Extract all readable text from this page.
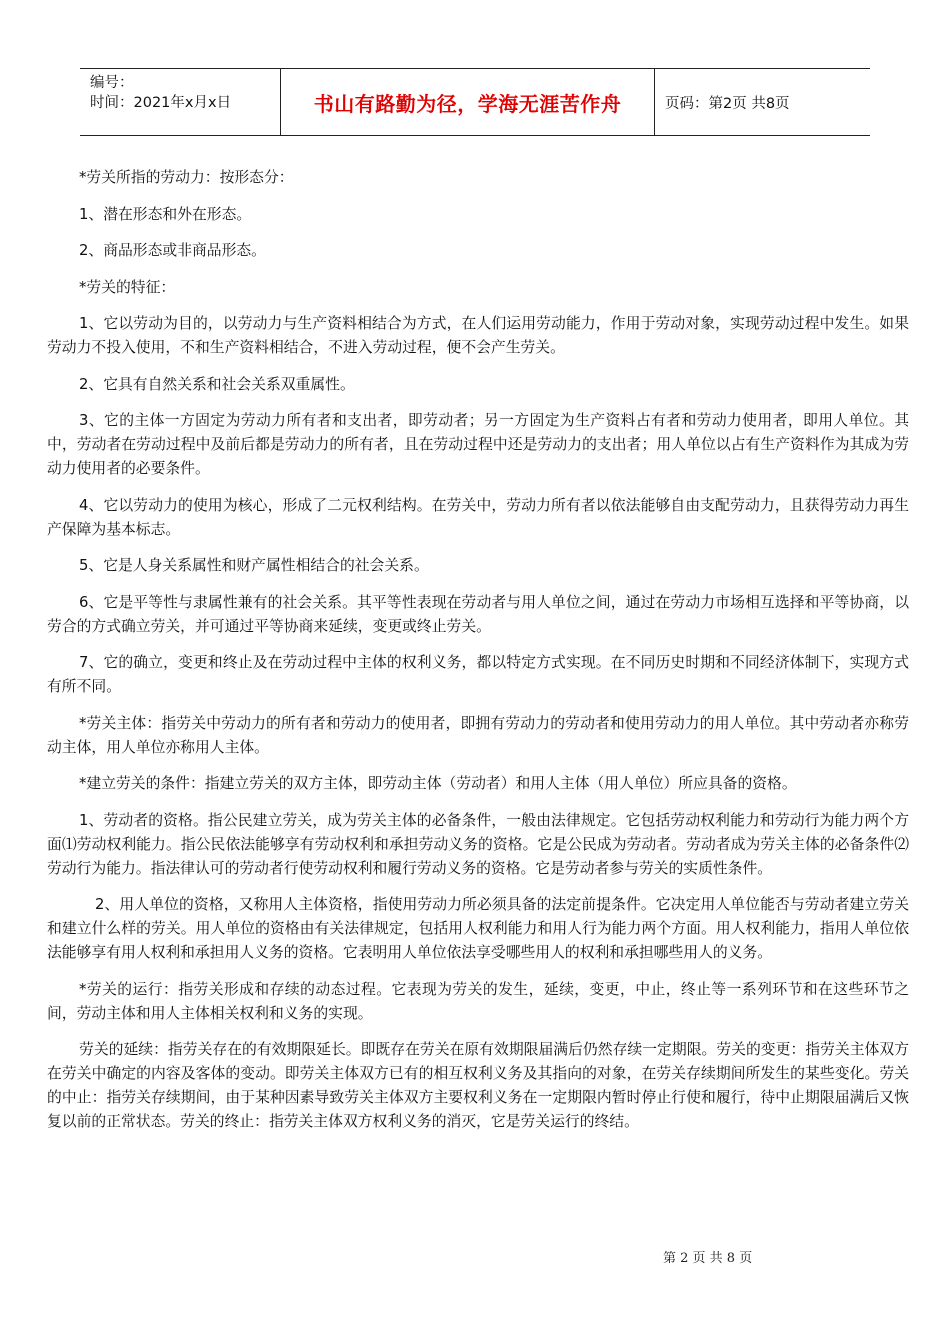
编号：
时间：2021年x月x日	书山有路勤为径，学海无涯苦作舟	页码：第2页 共8页

*劳关所指的劳动力：按形态分：

1、潜在形态和外在形态。

2、商品形态或非商品形态。

*劳关的特征：

1、它以劳动为目的，以劳动力与生产资料相结合为方式，在人们运用劳动能力，作用于劳动对象，实现劳动过程中发生。如果劳动力不投入使用，不和生产资料相结合，不进入劳动过程，便不会产生劳关。

2、它具有自然关系和社会关系双重属性。

3、它的主体一方固定为劳动力所有者和支出者，即劳动者；另一方固定为生产资料占有者和劳动力使用者，即用人单位。其中，劳动者在劳动过程中及前后都是劳动力的所有者，且在劳动过程中还是劳动力的支出者；用人单位以占有生产资料作为其成为劳动力使用者的必要条件。

4、它以劳动力的使用为核心，形成了二元权利结构。在劳关中，劳动力所有者以依法能够自由支配劳动力，且获得劳动力再生产保障为基本标志。

5、它是人身关系属性和财产属性相结合的社会关系。

6、它是平等性与隶属性兼有的社会关系。其平等性表现在劳动者与用人单位之间，通过在劳动力市场相互选择和平等协商，以劳合的方式确立劳关，并可通过平等协商来延续，变更或终止劳关。

7、它的确立，变更和终止及在劳动过程中主体的权利义务，都以特定方式实现。在不同历史时期和不同经济体制下，实现方式有所不同。

*劳关主体：指劳关中劳动力的所有者和劳动力的使用者，即拥有劳动力的劳动者和使用劳动力的用人单位。其中劳动者亦称劳动主体，用人单位亦称用人主体。

*建立劳关的条件：指建立劳关的双方主体，即劳动主体（劳动者）和用人主体（用人单位）所应具备的资格。

1、劳动者的资格。指公民建立劳关，成为劳关主体的必备条件，一般由法律规定。它包括劳动权利能力和劳动行为能力两个方面⑴劳动权利能力。指公民依法能够享有劳动权利和承担劳动义务的资格。它是公民成为劳动者。劳动者成为劳关主体的必备条件⑵劳动行为能力。指法律认可的劳动者行使劳动权利和履行劳动义务的资格。它是劳动者参与劳关的实质性条件。

2、用人单位的资格，又称用人主体资格，指使用劳动力所必须具备的法定前提条件。它决定用人单位能否与劳动者建立劳关和建立什么样的劳关。用人单位的资格由有关法律规定，包括用人权利能力和用人行为能力两个方面。用人权利能力，指用人单位依法能够享有用人权利和承担用人义务的资格。它表明用人单位依法享受哪些用人的权利和承担哪些用人的义务。

*劳关的运行：指劳关形成和存续的动态过程。它表现为劳关的发生，延续，变更，中止，终止等一系列环节和在这些环节之间，劳动主体和用人主体相关权利和义务的实现。

劳关的延续：指劳关存在的有效期限延长。即既存在劳关在原有效期限届满后仍然存续一定期限。劳关的变更：指劳关主体双方在劳关中确定的内容及客体的变动。即劳关主体双方已有的相互权利义务及其指向的对象，在劳关存续期间所发生的某些变化。劳关的中止：指劳关存续期间，由于某种因素导致劳关主体双方主要权利义务在一定期限内暂时停止行使和履行，待中止期限届满后又恢复以前的正常状态。劳关的终止：指劳关主体双方权利义务的消灭，它是劳关运行的终结。

第 2 页 共 8 页
